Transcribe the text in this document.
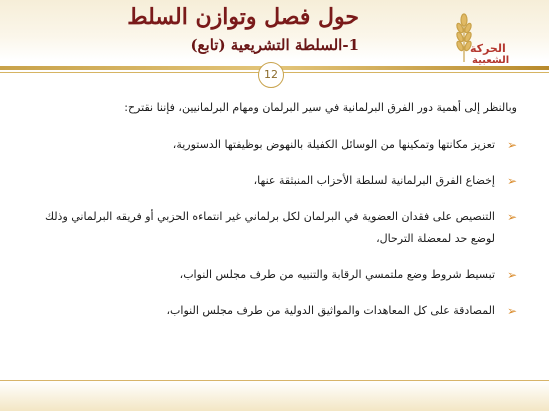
الحركة
الشعبية
حول فصل وتوازن السلط
1-السلطة التشريعية (تابع)
12

وبالنظر إلى أهمية دور الفرق البرلمانية في سير البرلمان ومهام البرلمانيين، فإننا نقترح:

➢
تعزيز مكانتها وتمكينها من الوسائل الكفيلة بالنهوض بوظيفتها الدستورية،
➢
إخضاع الفرق البرلمانية لسلطة الأحزاب المنبثقة عنها،
➢
التنصيص على فقدان العضوية في البرلمان لكل برلماني غير انتماءه الحزبي أو فريقه البرلماني وذلك لوضع حد لمعضلة الترحال،
➢
تبسيط شروط وضع ملتمسي الرقابة والتنبيه من طرف مجلس النواب،
➢
المصادقة على كل المعاهدات والمواثيق الدولية من طرف مجلس النواب،
